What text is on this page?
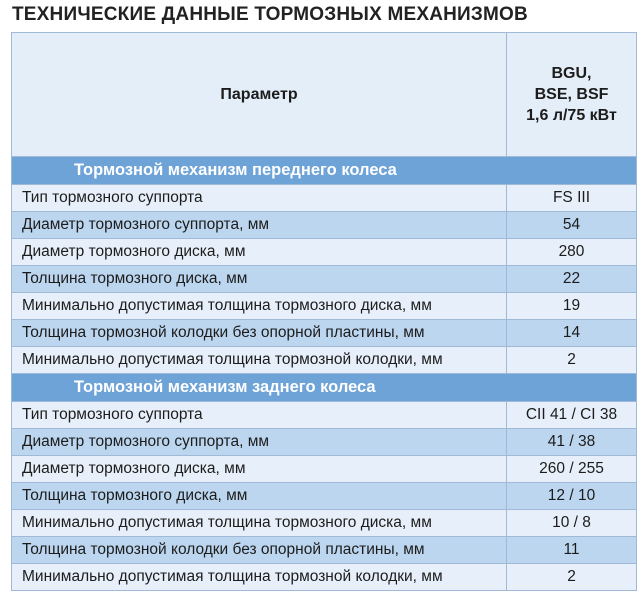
ТЕХНИЧЕСКИЕ ДАННЫЕ ТОРМОЗНЫХ МЕХАНИЗМОВ
Параметр	BGU,
BSE, BSF
1,6 л/75 кВт

Тормозной механизм переднего колеса	
Тип тормозного суппорта	FS III
Диаметр тормозного суппорта, мм	54
Диаметр тормозного диска, мм	280
Толщина тормозного диска, мм	22
Минимально допустимая толщина тормозного диска, мм	19
Толщина тормозной колодки без опорной пластины, мм	14
Минимально допустимая толщина тормозной колодки, мм	2
Тормозной механизм заднего колеса	
Тип тормозного суппорта	CII 41 / CI 38
Диаметр тормозного суппорта, мм	41 / 38
Диаметр тормозного диска, мм	260 / 255
Толщина тормозного диска, мм	12 / 10
Минимально допустимая толщина тормозного диска, мм	10 / 8
Толщина тормозной колодки без опорной пластины, мм	11
Минимально допустимая толщина тормозной колодки, мм	2
